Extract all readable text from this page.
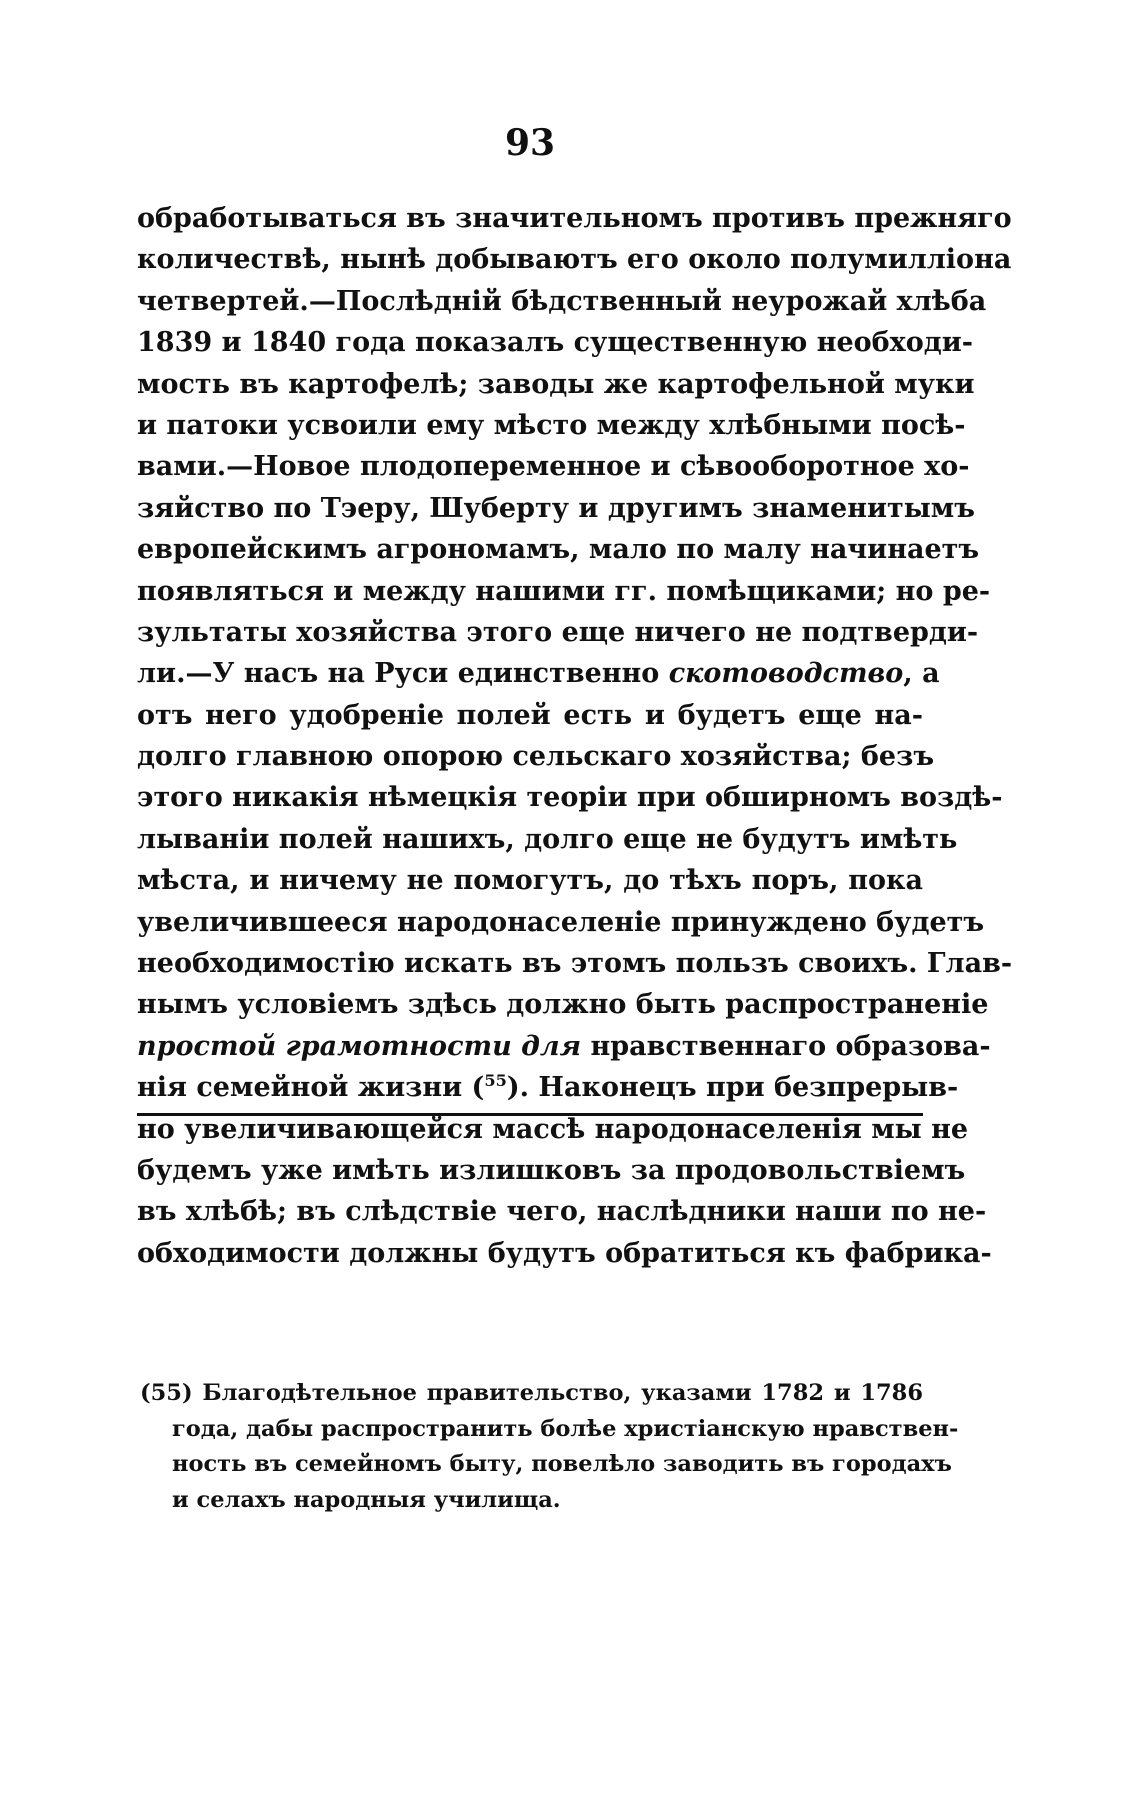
93
обработываться въ значительномъ противъ прежняго
количествѣ, нынѣ добываютъ его около полумилліона
четвертей.—Послѣдній бѣдственный неурожай хлѣба
1839 и 1840 года показалъ существенную необходи-
мость въ картофелѣ; заводы же картофельной муки
и патоки усвоили ему мѣсто между хлѣбными посѣ-
вами.—Новое плодопеременное и сѣвооборотное хо-
зяйство по Тэеру, Шуберту и другимъ знаменитымъ
европейскимъ агрономамъ, мало по малу начинаетъ
появляться и между нашими гг. помѣщиками; но ре-
зультаты хозяйства этого еще ничего не подтверди-
ли.—У насъ на Руси единственно скотоводство, а
отъ него удобреніе полей есть и будетъ еще на-
долго главною опорою сельскаго хозяйства; безъ
этого никакія нѣмецкія теоріи при обширномъ воздѣ-
лываніи полей нашихъ, долго еще не будутъ имѣть
мѣста, и ничему не помогутъ, до тѣхъ поръ, пока
увеличившееся народонаселеніе принуждено будетъ
необходимостію искать въ этомъ пользъ своихъ. Глав-
нымъ условіемъ здѣсь должно быть распространеніе
простой грамотности для нравственнаго образова-
нія семейной жизни ($^{55}$). Наконецъ при безпрерыв-
но увеличивающейся массѣ народонаселенія мы не
будемъ уже имѣть излишковъ за продовольствіемъ
въ хлѣбѣ; въ слѣдствіе чего, наслѣдники наши по не-
обходимости должны будутъ обратиться къ фабрика-
(55) Благодѣтельное правительство, указами 1782 и 1786
года, дабы распространить болѣе христіанскую нравствен-
ность въ семейномъ быту, повелѣло заводить въ городахъ
и селахъ народныя училища.
